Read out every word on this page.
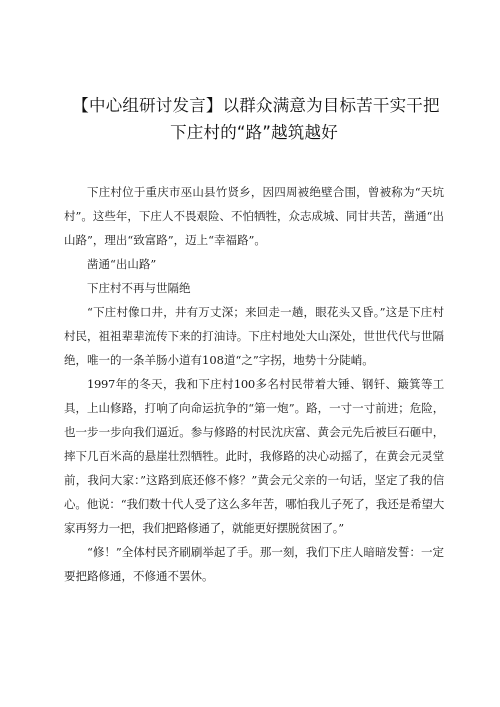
【中心组研讨发言】以群众满意为目标苦干实干把
下庄村的“路”越筑越好

下庄村位于重庆市巫山县竹贤乡，因四周被绝壁合围，曾被称为“天坑村”。这些年，下庄人不畏艰险、不怕牺牲，众志成城、同甘共苦，凿通“出山路”，理出“致富路”，迈上“幸福路”。

凿通“出山路”

下庄村不再与世隔绝

“下庄村像口井，井有万丈深；来回走一趟，眼花头又昏。”这是下庄村村民，祖祖辈辈流传下来的打油诗。下庄村地处大山深处，世世代代与世隔绝，唯一的一条羊肠小道有108道“之”字拐，地势十分陡峭。

1997年的冬天，我和下庄村100多名村民带着大锤、钢钎、簸箕等工具，上山修路，打响了向命运抗争的“第一炮”。路，一寸一寸前进；危险，也一步一步向我们逼近。参与修路的村民沈庆富、黄会元先后被巨石砸中，摔下几百米高的悬崖壮烈牺牲。此时，我修路的决心动摇了，在黄会元灵堂前，我问大家：”这路到底还修不修？”黄会元父亲的一句话，坚定了我的信心。他说：“我们数十代人受了这么多年苦，哪怕我儿子死了，我还是希望大家再努力一把，我们把路修通了，就能更好摆脱贫困了。”

“修！”全体村民齐刷刷举起了手。那一刻，我们下庄人暗暗发誓：一定要把路修通，不修通不罢休。
